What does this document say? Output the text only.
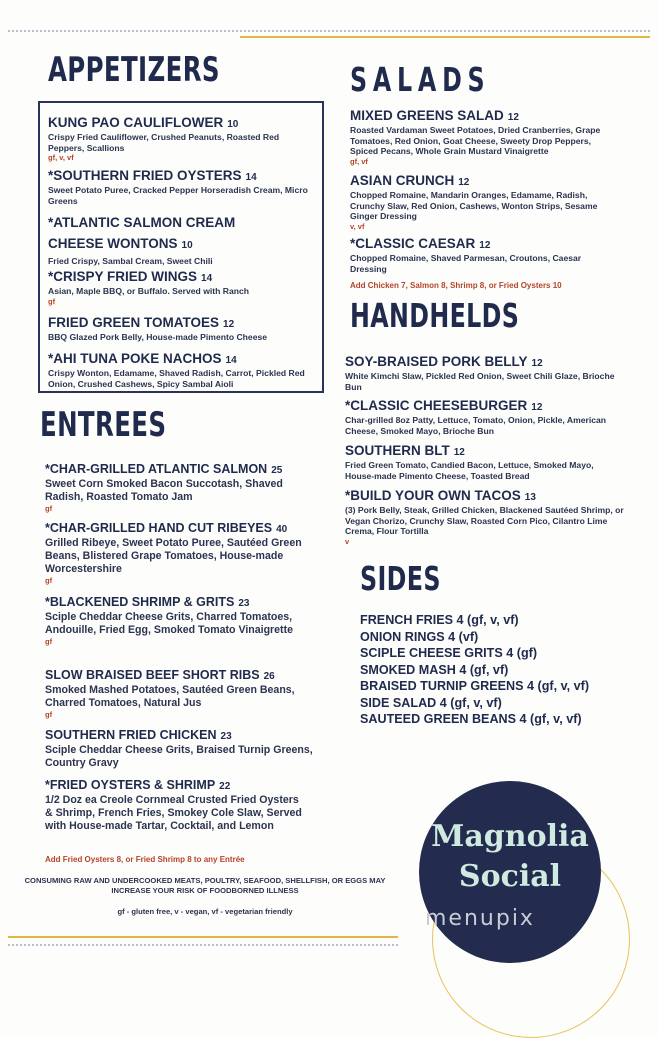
APPETIZERS	SALADS
ENTREES
HANDHELDS
SIDES
KUNG PAO CAULIFLOWER 10
Crispy Fried Cauliflower, Crushed Peanuts, Roasted Red Peppers, Scallions
gf, v, vf
*SOUTHERN FRIED OYSTERS 14
Sweet Potato Puree, Cracked Pepper Horseradish Cream, Micro Greens
*ATLANTIC SALMON CREAM CHEESE WONTONS 10
Fried Crispy, Sambal Cream, Sweet Chili
*CRISPY FRIED WINGS 14
Asian, Maple BBQ, or Buffalo. Served with Ranch
gf
FRIED GREEN TOMATOES 12
BBQ Glazed Pork Belly, House-made Pimento Cheese
*AHI TUNA POKE NACHOS 14
Crispy Wonton, Edamame, Shaved Radish, Carrot, Pickled Red Onion, Crushed Cashews, Spicy Sambal Aioli
MIXED GREENS SALAD 12
Roasted Vardaman Sweet Potatoes, Dried Cranberries, Grape Tomatoes, Red Onion, Goat Cheese, Sweety Drop Peppers, Spiced Pecans, Whole Grain Mustard Vinaigrette
gf, vf
ASIAN CRUNCH 12
Chopped Romaine, Mandarin Oranges, Edamame, Radish, Crunchy Slaw, Red Onion, Cashews, Wonton Strips, Sesame Ginger Dressing
v, vf
*CLASSIC CAESAR 12
Chopped Romaine, Shaved Parmesan, Croutons, Caesar Dressing
Add Chicken 7, Salmon 8, Shrimp 8, or Fried Oysters 10
SOY-BRAISED PORK BELLY 12
White Kimchi Slaw, Pickled Red Onion, Sweet Chili Glaze, Brioche Bun
*CLASSIC CHEESEBURGER 12
Char-grilled 8oz Patty, Lettuce, Tomato, Onion, Pickle, American Cheese, Smoked Mayo, Brioche Bun
SOUTHERN BLT 12
Fried Green Tomato, Candied Bacon, Lettuce, Smoked Mayo, House-made Pimento Cheese, Toasted Bread
*BUILD YOUR OWN TACOS 13
(3) Pork Belly, Steak, Grilled Chicken, Blackened Sautéed Shrimp, or Vegan Chorizo, Crunchy Slaw, Roasted Corn Pico, Cilantro Lime Crema, Flour Tortilla
v
*CHAR-GRILLED ATLANTIC SALMON 25
Sweet Corn Smoked Bacon Succotash, Shaved Radish, Roasted Tomato Jam
gf
*CHAR-GRILLED HAND CUT RIBEYES 40
Grilled Ribeye, Sweet Potato Puree, Sautéed Green Beans, Blistered Grape Tomatoes, House-made Worcestershire
gf
*BLACKENED SHRIMP & GRITS 23
Sciple Cheddar Cheese Grits, Charred Tomatoes, Andouille, Fried Egg, Smoked Tomato Vinaigrette
gf
SLOW BRAISED BEEF SHORT RIBS 26
Smoked Mashed Potatoes, Sautéed Green Beans, Charred Tomatoes, Natural Jus
gf
SOUTHERN FRIED CHICKEN 23
Sciple Cheddar Cheese Grits, Braised Turnip Greens, Country Gravy
*FRIED OYSTERS & SHRIMP 22
1/2 Doz ea Creole Cornmeal Crusted Fried Oysters & Shrimp, French Fries, Smokey Cole Slaw, Served with House-made Tartar, Cocktail, and Lemon
Add Fried Oysters 8, or Fried Shrimp 8 to any Entrée
FRENCH FRIES 4 (gf, v, vf)
ONION RINGS 4 (vf)
SCIPLE CHEESE GRITS 4 (gf)
SMOKED MASH 4 (gf, vf)
BRAISED TURNIP GREENS 4 (gf, v, vf)
SIDE SALAD 4 (gf, v, vf)
SAUTEED GREEN BEANS 4 (gf, v, vf)
CONSUMING RAW AND UNDERCOOKED MEATS, POULTRY, SEAFOOD, SHELLFISH, OR EGGS MAY INCREASE YOUR RISK OF FOODBORNED ILLNESS
gf - gluten free, v - vegan, vf - vegetarian friendly
Magnolia
Social
menupix
